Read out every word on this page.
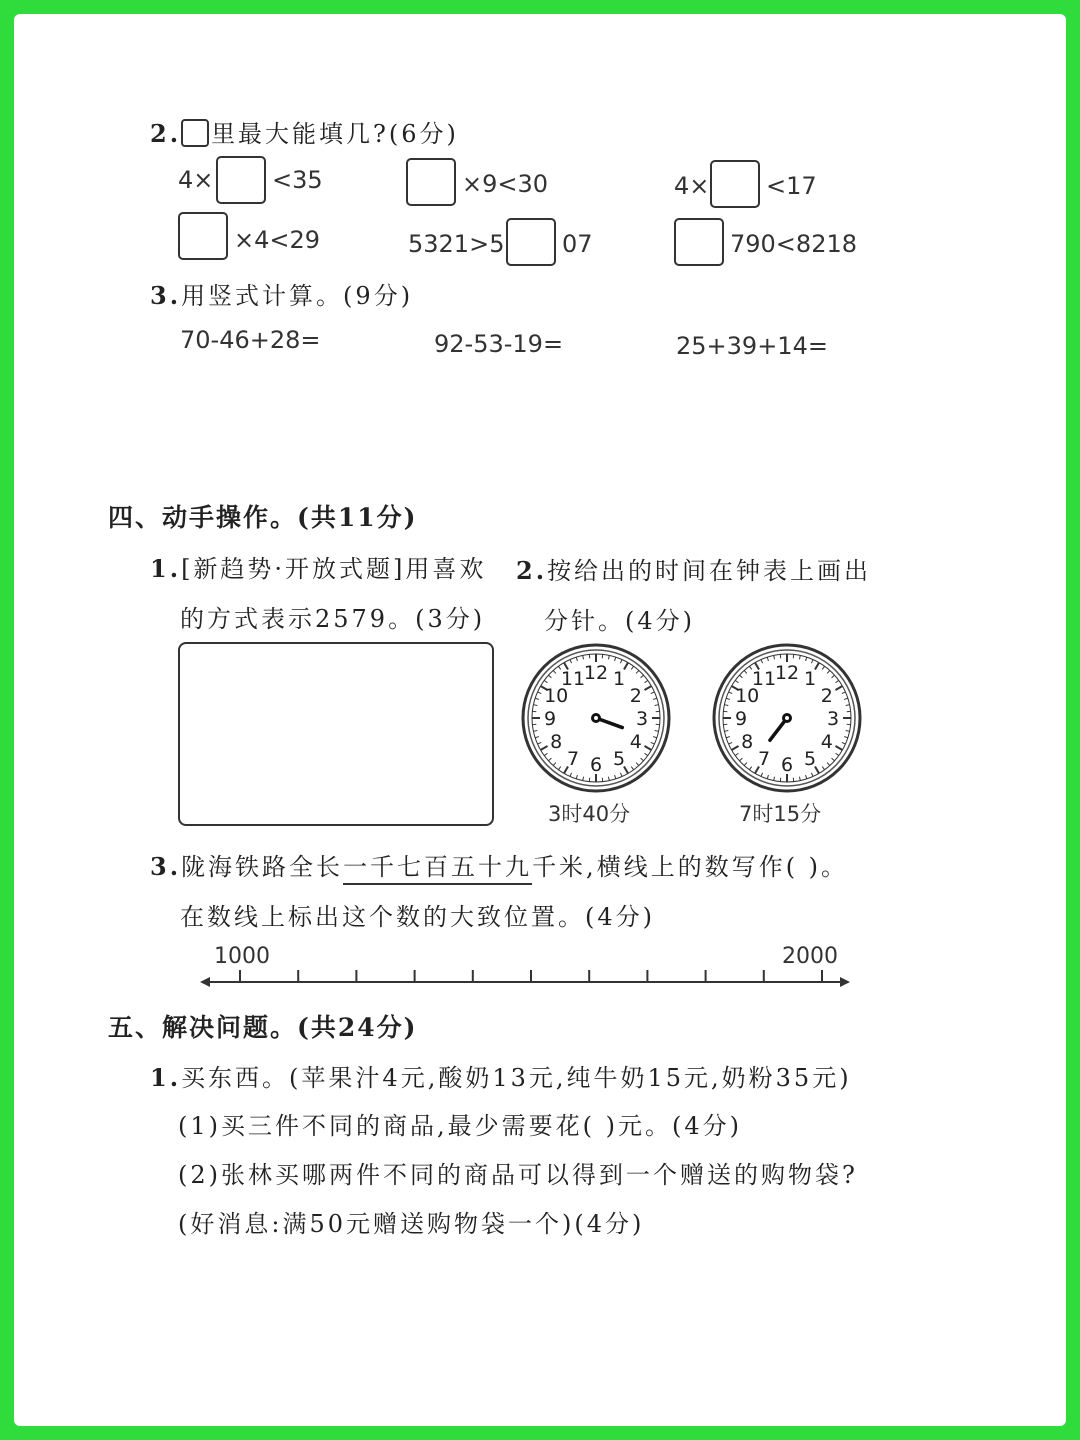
2. 里最大能填几?(6分)
4× <35	×9<30	4× <17
×4<29	5321>5 07	790<8218
3.用竖式计算。(9分)
70-46+28=	92-53-19=	25+39+14=
四、动手操作。(共11分)
1.[新趋势·开放式题]用喜欢
的方式表示2579。(3分)
2.按给出的时间在钟表上画出
分针。(4分)
12 1
2
3
4
5
6
7
8
9
10
11
3时40分
12 1
2
3
4
5
6
7
8
9
10
11
7时15分
3.陇海铁路全长一千七百五十九千米,横线上的数写作( )。
在数线上标出这个数的大致位置。(4分)
1000	2000
五、解决问题。(共24分)
1.买东西。(苹果汁4元,酸奶13元,纯牛奶15元,奶粉35元)
(1)买三件不同的商品,最少需要花( )元。(4分)
(2)张林买哪两件不同的商品可以得到一个赠送的购物袋?
(好消息:满50元赠送购物袋一个)(4分)
